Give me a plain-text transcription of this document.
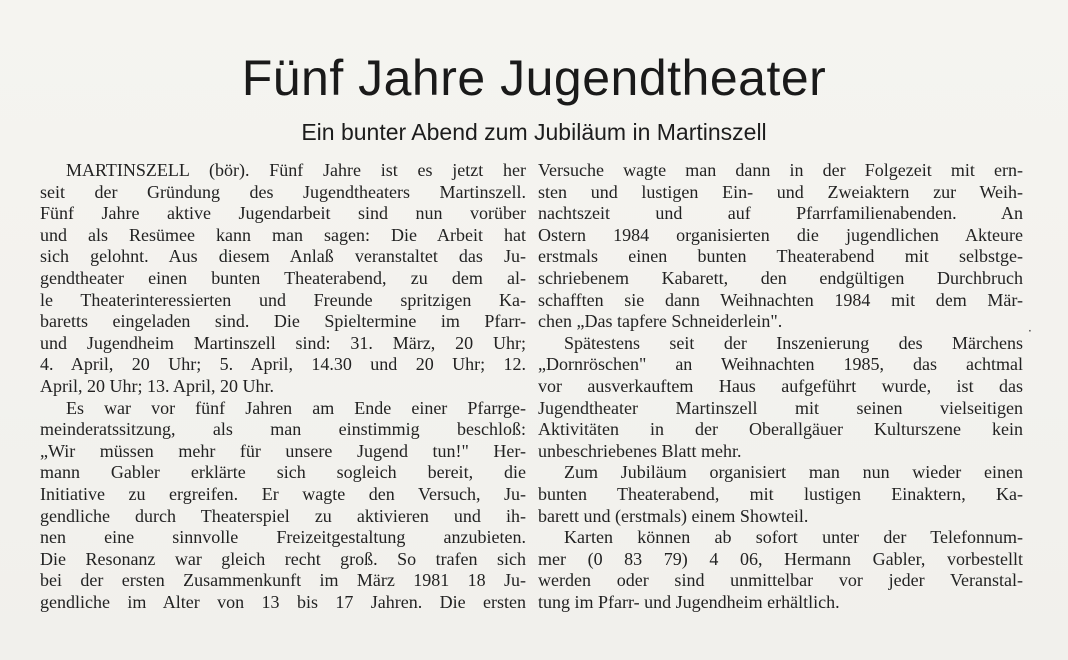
Fünf Jahre Jugendtheater
Ein bunter Abend zum Jubiläum in Martinszell
MARTINSZELL (bör). Fünf Jahre ist es jetzt her
seit der Gründung des Jugendtheaters Martinszell.
Fünf Jahre aktive Jugendarbeit sind nun vorüber
und als Resümee kann man sagen: Die Arbeit hat
sich gelohnt. Aus diesem Anlaß veranstaltet das Ju-
gendtheater einen bunten Theaterabend, zu dem al-
le Theaterinteressierten und Freunde spritzigen Ka-
baretts eingeladen sind. Die Spieltermine im Pfarr-
und Jugendheim Martinszell sind: 31. März, 20 Uhr;
4. April, 20 Uhr; 5. April, 14.30 und 20 Uhr; 12.
April, 20 Uhr; 13. April, 20 Uhr.
Es war vor fünf Jahren am Ende einer Pfarrge-
meinderatssitzung, als man einstimmig beschloß:
„Wir müssen mehr für unsere Jugend tun!" Her-
mann Gabler erklärte sich sogleich bereit, die
Initiative zu ergreifen. Er wagte den Versuch, Ju-
gendliche durch Theaterspiel zu aktivieren und ih-
nen eine sinnvolle Freizeitgestaltung anzubieten.
Die Resonanz war gleich recht groß. So trafen sich
bei der ersten Zusammenkunft im März 1981 18 Ju-
gendliche im Alter von 13 bis 17 Jahren. Die ersten
Versuche wagte man dann in der Folgezeit mit ern-
sten und lustigen Ein- und Zweiaktern zur Weih-
nachtszeit und auf Pfarrfamilienabenden. An
Ostern 1984 organisierten die jugendlichen Akteure
erstmals einen bunten Theaterabend mit selbstge-
schriebenem Kabarett, den endgültigen Durchbruch
schafften sie dann Weihnachten 1984 mit dem Mär-
chen „Das tapfere Schneiderlein".
Spätestens seit der Inszenierung des Märchens
„Dornröschen" an Weihnachten 1985, das achtmal
vor ausverkauftem Haus aufgeführt wurde, ist das
Jugendtheater Martinszell mit seinen vielseitigen
Aktivitäten in der Oberallgäuer Kulturszene kein
unbeschriebenes Blatt mehr.
Zum Jubiläum organisiert man nun wieder einen
bunten Theaterabend, mit lustigen Einaktern, Ka-
barett und (erstmals) einem Showteil.
Karten können ab sofort unter der Telefonnum-
mer (0 83 79) 4 06, Hermann Gabler, vorbestellt
werden oder sind unmittelbar vor jeder Veranstal-
tung im Pfarr- und Jugendheim erhältlich.
·
